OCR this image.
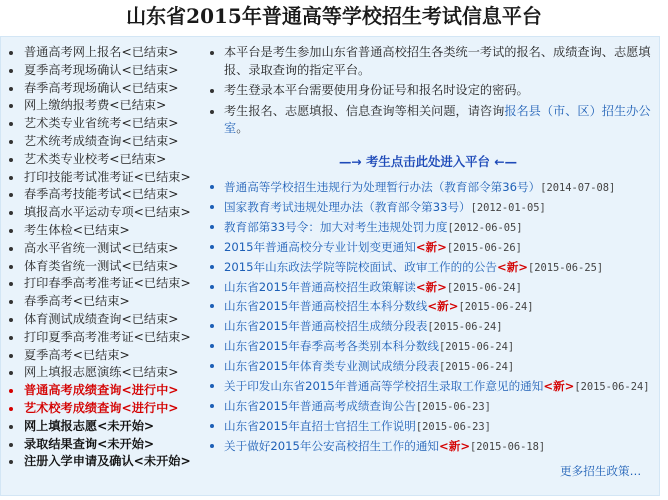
山东省2015年普通高等学校招生考试信息平台
普通高考网上报名<已结束>
夏季高考现场确认<已结束>
春季高考现场确认<已结束>
网上缴纳报考费<已结束>
艺术类专业省统考<已结束>
艺术统考成绩查询<已结束>
艺术类专业校考<已结束>
打印技能考试准考证<已结束>
春季高考技能考试<已结束>
填报高水平运动专项<已结束>
考生体检<已结束>
高水平省统一测试<已结束>
体育类省统一测试<已结束>
打印春季高考准考证<已结束>
春季高考<已结束>
体育测试成绩查询<已结束>
打印夏季高考准考证<已结束>
夏季高考<已结束>
网上填报志愿演练<已结束>
普通高考成绩查询<进行中>
艺术校考成绩查询<进行中>
网上填报志愿<未开始>
录取结果查询<未开始>
注册入学申请及确认<未开始>

本平台是考生参加山东省普通高校招生各类统一考试的报名、成绩查询、志愿填报、录取查询的指定平台。

考生登录本平台需要使用身份证号和报名时设定的密码。

考生报名、志愿填报、信息查询等相关问题，请咨询报名县（市、区）招生办公室。

—→ 考生点击此处进入平台 ←—
普通高等学校招生违规行为处理暂行办法（教育部令第36号）[2014-07-08]
国家教育考试违规处理办法（教育部令第33号）[2012-01-05]
教育部第33号令：加大对考生违规处罚力度[2012-06-05]
2015年普通高校分专业计划变更通知<新>[2015-06-26]
2015年山东政法学院等院校面试、政审工作的的公告<新>[2015-06-25]
山东省2015年普通高校招生政策解读<新>[2015-06-24]
山东省2015年普通高校招生本科分数线<新>[2015-06-24]
山东省2015年普通高校招生成绩分段表[2015-06-24]
山东省2015年春季高考各类别本科分数线[2015-06-24]
山东省2015年体育类专业测试成绩分段表[2015-06-24]
关于印发山东省2015年普通高等学校招生录取工作意见的通知<新>[2015-06-24]
山东省2015年普通高考成绩查询公告[2015-06-23]
山东省2015年直招士官招生工作说明[2015-06-23]
关于做好2015年公安高校招生工作的通知<新>[2015-06-18]
更多招生政策…
